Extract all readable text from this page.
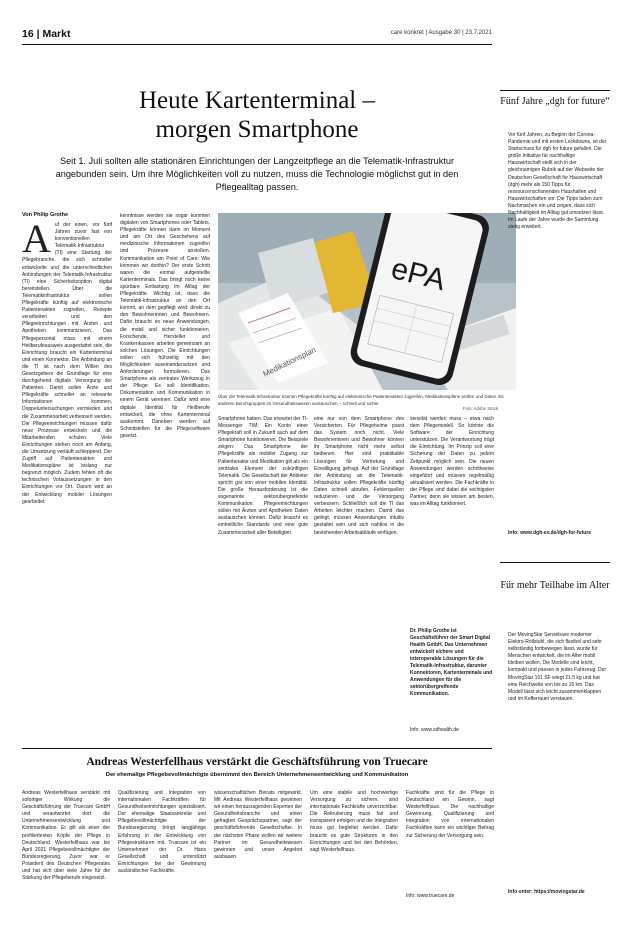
16 | Markt	care konkret | Ausgabe 30 | 23.7.2021
Heute Kartenterminal –
morgen Smartphone

Seit 1. Juli sollten alle stationären Einrichtungen der Langzeitpflege an die Telematik-Infrastruktur angebunden sein. Um ihre Möglichkeiten voll zu nutzen, muss die Technologie möglichst gut in den Pflegealltag passen.

Von Philip Grothe
A uf der einen, vor fünf Jahren zuvor fast von konventionellen Telematik-Infrastruktur (TI) eine Startung der Pflegebranche, die sich schneller entwickelte und die unterschiedlichen Anbindungen der Telematik-Infrastruktur (TI) eine Sicherheitsoption digital bereitstellen. Über die Telematikinfrastruktur sollen Pflegekräfte künftig auf elektronische Patientenakten zugreifen, Rezepte verarbeiten und den Pflegeeinrichtungen mit Ärzten und Apotheken kommunizieren. Das Pflegepersonal muss mit einem Heilberufeausweis ausgestattet sein, die Einrichtung braucht ein Kartenterminal und einen Konnektor. Die Anbindung an die TI ist nach dem Willen des Gesetzgebers die Grundlage für eine durchgehend digitale Versorgung der Patienten. Damit sollen Ärzte und Pflegekräfte schneller an relevante Informationen kommen, Doppeluntersuchungen vermieden und die Zusammenarbeit verbessert werden. Die Pflegeeinrichtungen müssen dafür neue Prozesse entwickeln und die Mitarbeitenden schulen. Viele Einrichtungen stehen noch am Anfang, die Umsetzung verläuft schleppend. Der Zugriff auf Patientenakten und Medikationspläne ist bislang nur begrenzt möglich. Zudem fehlen oft die technischen Voraussetzungen in den Einrichtungen vor Ort. Darum wird an der Entwicklung mobiler Lösungen gearbeitet.
kenntnisse werden sie sogar kommen digitalen von Smartphones oder Tablets. Pflegekräfte können dann im Moment und am Ort des Geschehens auf medizinische Informationen zugreifen und Prozesse anstoßen. Kommunikation am Point of Care: Wie kommen wir dorthin? Der erste Schritt waren die einmal aufgestellte Kartenterminals. Das bringt noch keine spürbare Entlastung im Alltag der Pflegekräfte. Wichtig ist, dass die Telematik-Infrastruktur an den Ort kommt, an dem gepflegt wird: direkt zu den Bewohnerinnen und Bewohnern. Dafür braucht es neue Anwendungen, die mobil und sicher funktionieren. Forschende, Hersteller und Krankenkassen arbeiten gemeinsam an solchen Lösungen. Die Einrichtungen sollen sich frühzeitig mit den Möglichkeiten auseinandersetzen und Anforderungen formulieren. Das Smartphone als zentrales Werkzeug in der Pflege: Es soll Identifikation, Dokumentation und Kommunikation in einem Gerät vereinen. Dafür wird eine digitale Identität für Heilberufe entwickelt, die ohne Kartenterminal auskommt. Daneben werden auf Schnittstellen für die Pflegesoftware gesetzt.
Medikationsplan
ePA
Über die Telematik-Infrastruktur können Pflegekräfte künftig auf elektronische Patientenakten zugreifen, Medikationspläne prüfen und Daten mit anderen Berufsgruppen im Gesundheitswesen austauschen – schnell und sicher.
Foto: Adobe Stock
Smartphone haben. Das erwartet der TI-Messenger TIM: Ein Konto einer Pflegekraft soll in Zukunft auch auf dem Smartphone funktionieren. Die Beispiele zeigen: Das Smartphone der Pflegekräfte als mobiler Zugang zur Patientenakte und Medikation gilt als ein zentrales Element der zukünftigen Telematik. Die Gesellschaft der Anbieter spricht gar von einer mobilen Identität. Die große Herausforderung ist die sogenannte sektorübergreifende Kommunikation: Pflegeeinrichtungen sollen mit Ärzten und Apotheken Daten austauschen können. Dafür braucht es einheitliche Standards und eine gute Zusammenarbeit aller Beteiligten.
eine nur von dem Smartphone des Versicherten. Für Pflegeheime passt das System noch nicht. Viele Bewohnerinnen und Bewohner können ihr Smartphone nicht mehr selbst bedienen. Hier sind praktikable Lösungen für Vertretung und Einwilligung gefragt. Auf der Grundlage der Anbindung an die Telematik-Infrastruktur sollen Pflegekräfte künftig Daten schnell abrufen, Fehlerquellen reduzieren und die Versorgung verbessern. Schließlich soll die TI das Arbeiten leichter machen. Damit das gelingt, müssen Anwendungen intuitiv gestaltet sein und sich nahtlos in die bestehenden Arbeitsabläufe einfügen.
sensität werden muss – etwa nach dem Pflegemodell. So könnte die Software der Einrichtung unterstützen. Die Verantwortung trägt die Einrichtung. Im Prinzip soll eine Sicherung der Daten zu jedem Zeitpunkt möglich sein. Die neuen Anwendungen werden schrittweise eingeführt und müssen regelmäßig aktualisiert werden. Die Fachkräfte in der Pflege sind dabei die wichtigsten Partner, denn sie wissen am besten, was im Alltag funktioniert.
Dr. Philip Grothe ist Geschäftsführer der Smart Digital Health GmbH. Das Unternehmen entwickelt sichere und interoperable Lösungen für die Telematik-Infrastruktur, darunter Konnektoren, Kartenterminals und Anwendungen für die sektorübergreifende Kommunikation.
Info: www.sdhealth.de
Andreas Westerfellhaus verstärkt die Geschäftsführung von Truecare
Der ehemalige Pflegebevollmächtigte übernimmt den Bereich Unternehmensentwicklung und Kommunikation
Andreas Westerfellhaus verstärkt mit sofortiger Wirkung die Geschäftsführung der Truecare GmbH und verantwortet dort die Unternehmensentwicklung und Kommunikation. Er gilt als einer der profiliertesten Köpfe der Pflege in Deutschland. Westerfellhaus war bis April 2021 Pflegebevollmächtigter der Bundesregierung. Zuvor war er Präsident des Deutschen Pflegerates und hat sich über viele Jahre für die Stärkung der Pflegeberufe eingesetzt.
Qualifizierung und Integration von internationalen Fachkräften für Gesundheitseinrichtungen spezialisiert. Der ehemalige Staatssekretär und Pflegebevollmächtigte der Bundesregierung bringt langjährige Erfahrung in der Entwicklung von Pflegestrukturen mit. Truecare ist ein Unternehmen der Dr. Hans Gesellschaft und unterstützt Einrichtungen bei der Gewinnung ausländischer Fachkräfte.
wissenschaftlichen Beirats mitgewirkt. Mit Andreas Westerfellhaus gewinnen wir einen herausragenden Experten der Gesundheitsbranche und einen gefragten Gesprächspartner, sagt der geschäftsführende Gesellschafter. In der nächsten Phase wollen wir weitere Partner im Gesundheitswesen gewinnen und unser Angebot ausbauen.
Um eine stabile und hochwertige Versorgung zu sichern, sind internationale Fachkräfte unverzichtbar. Die Rekrutierung muss fair und transparent erfolgen und die Integration muss gut begleitet werden. Dafür braucht es gute Strukturen in den Einrichtungen und bei den Behörden, sagt Westerfellhaus.
Fachkräfte sind für die Pflege in Deutschland ein Gewinn, sagt Westerfellhaus. Die nachhaltige Gewinnung, Qualifizierung und Integration von internationalen Fachkräften kann ein wichtiger Beitrag zur Sicherung der Versorgung sein.
Info: www.truecare.de
Fünf Jahre „dgh for future“
Vor fünf Jahren, zu Beginn der Corona-Pandemie und mit ersten Lockdowns, ist der Startschuss für dgh for future gefallen. Die große Initiative für nachhaltige Hauswirtschaft stellt sich in der gleichnamigen Rubrik auf der Webseite der Deutschen Gesellschaft für Hauswirtschaft (dgh) mehr als 150 Tipps für ressourcenschonendes Haushalten und Hauswirtschaften vor. Die Tipps laden zum Nachmachen ein und zeigen, dass sich Nachhaltigkeit im Alltag gut umsetzen lässt. Im Laufe der Jahre wurde die Sammlung stetig erweitert.
Info: www.dgh-ev.de/dgh-for-future
Für mehr Teilhabe im Alter
Der MovingStar Sensebase moderner Elektro-Rollstuhl, die sich flexibel und sehr selbständig fortbewegen lässt, wurde für Menschen entwickelt, die im Alter mobil bleiben wollen. Die Modelle sind leicht, kompakt und passen in jedes Fahrzeug. Der MovingStar 101 SF wiegt 21,5 kg und hat eine Reichweite von bis zu 15 km. Das Modell lässt sich leicht zusammenklappen und im Kofferraum verstauen.
Info unter: https://movingstar.de
